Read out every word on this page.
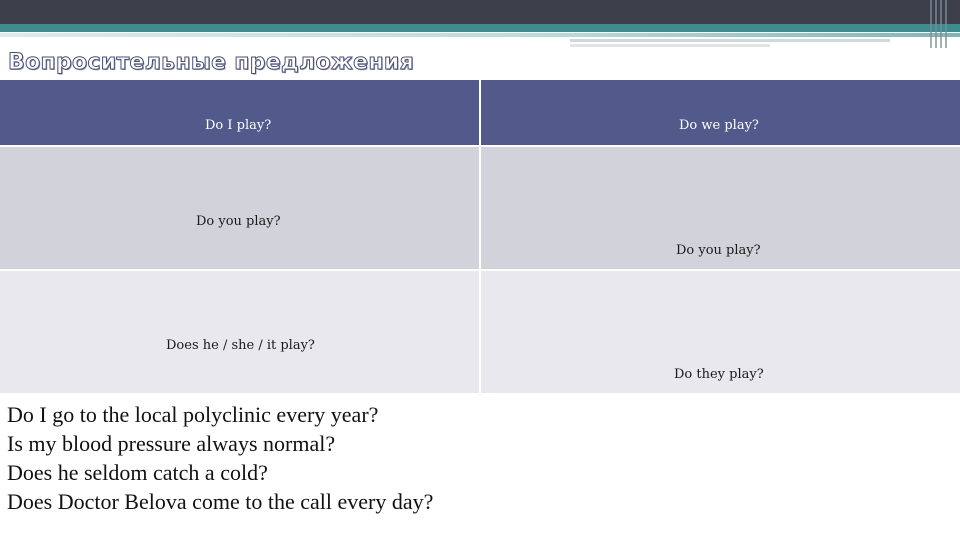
Вопросительные предложения
Do I play?	Do we play?
Do you play?
Do you play?
Does he / she / it play?
Do they play?
Do I go to the local polyclinic every year?
Is my blood pressure always normal?
Does he seldom catch a cold?
Does Doctor Belova come to the call every day?
